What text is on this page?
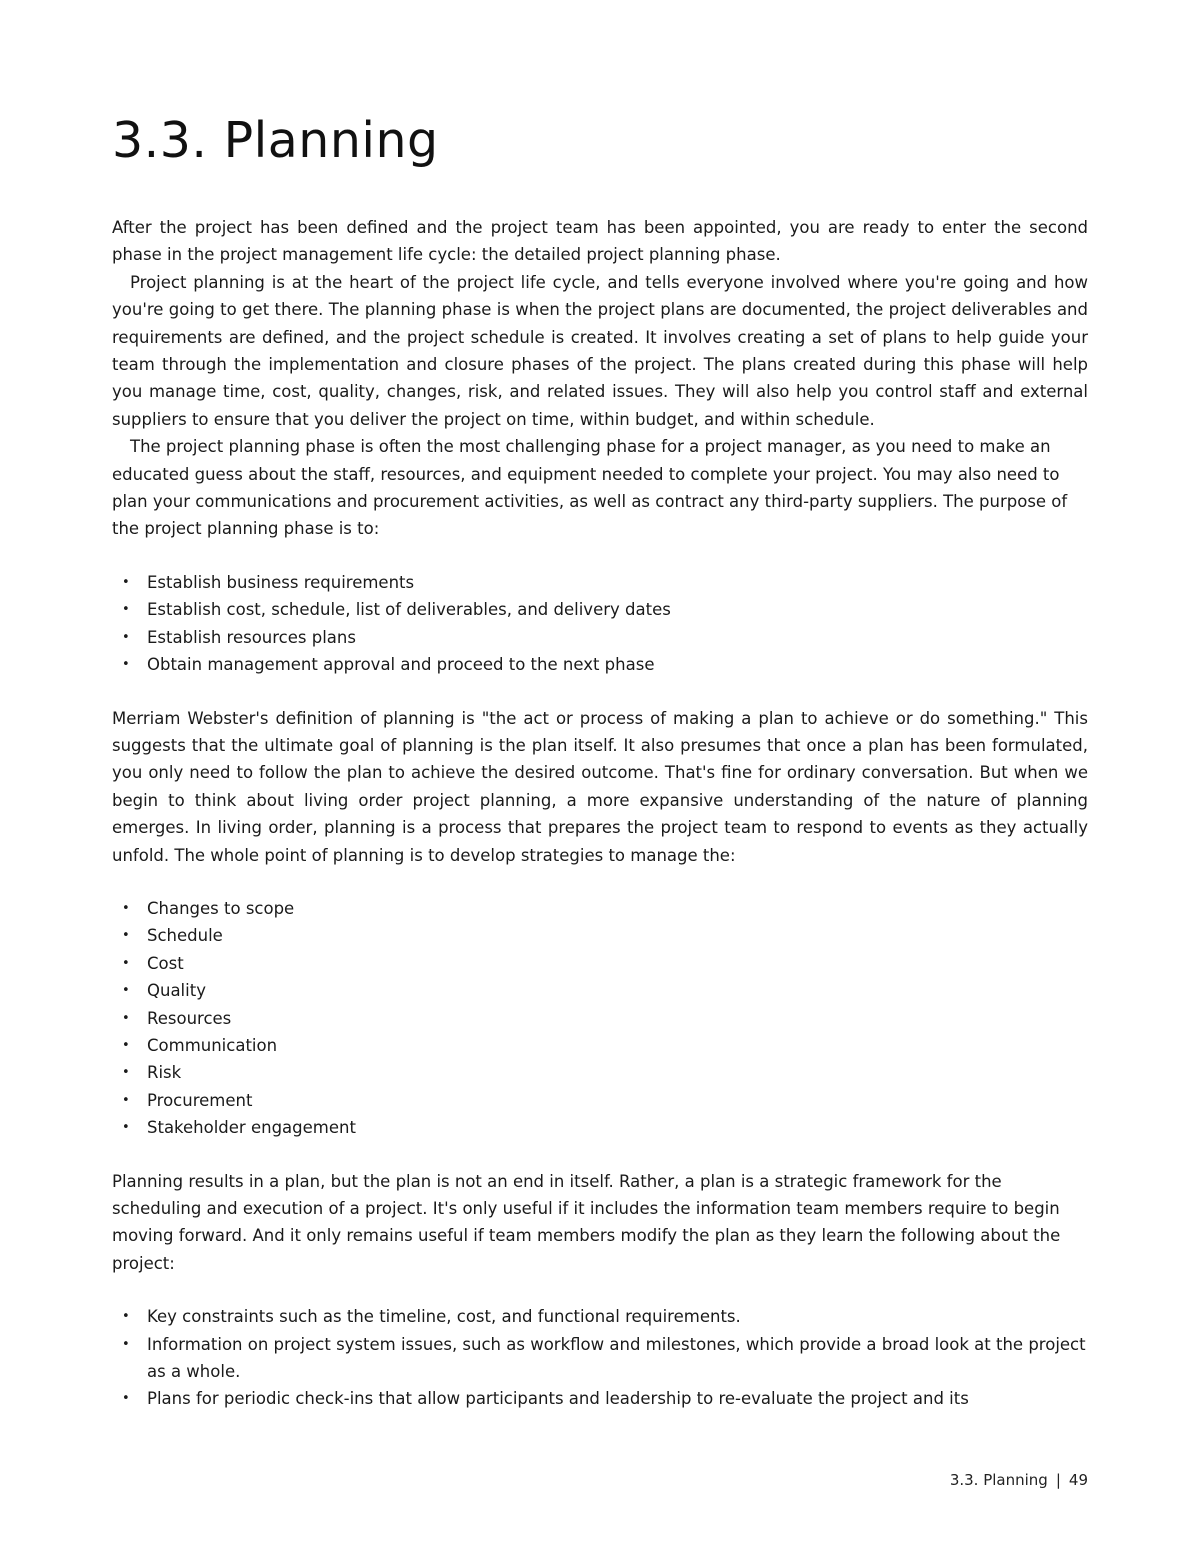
3.3. Planning

After the project has been defined and the project team has been appointed, you are ready to enter the second phase in the project management life cycle: the detailed project planning phase.

Project planning is at the heart of the project life cycle, and tells everyone involved where you're going and how you're going to get there. The planning phase is when the project plans are documented, the project deliverables and requirements are defined, and the project schedule is created. It involves creating a set of plans to help guide your team through the implementation and closure phases of the project. The plans created during this phase will help you manage time, cost, quality, changes, risk, and related issues. They will also help you control staff and external suppliers to ensure that you deliver the project on time, within budget, and within schedule.

The project planning phase is often the most challenging phase for a project manager, as you need to make an educated guess about the staff, resources, and equipment needed to complete your project. You may also need to plan your communications and procurement activities, as well as contract any third-party suppliers. The purpose of the project planning phase is to:

• Establish business requirements
• Establish cost, schedule, list of deliverables, and delivery dates
• Establish resources plans
• Obtain management approval and proceed to the next phase

Merriam Webster's definition of planning is "the act or process of making a plan to achieve or do something." This suggests that the ultimate goal of planning is the plan itself. It also presumes that once a plan has been formulated, you only need to follow the plan to achieve the desired outcome. That's fine for ordinary conversation. But when we begin to think about living order project planning, a more expansive understanding of the nature of planning emerges. In living order, planning is a process that prepares the project team to respond to events as they actually unfold. The whole point of planning is to develop strategies to manage the:

• Changes to scope
• Schedule
• Cost
• Quality
• Resources
• Communication
• Risk
• Procurement
• Stakeholder engagement

Planning results in a plan, but the plan is not an end in itself. Rather, a plan is a strategic framework for the scheduling and execution of a project. It's only useful if it includes the information team members require to begin moving forward. And it only remains useful if team members modify the plan as they learn the following about the project:

• Key constraints such as the timeline, cost, and functional requirements.
• Information on project system issues, such as workflow and milestones, which provide a broad look at the project as a whole.
• Plans for periodic check-ins that allow participants and leadership to re-evaluate the project and its
3.3. Planning | 49
